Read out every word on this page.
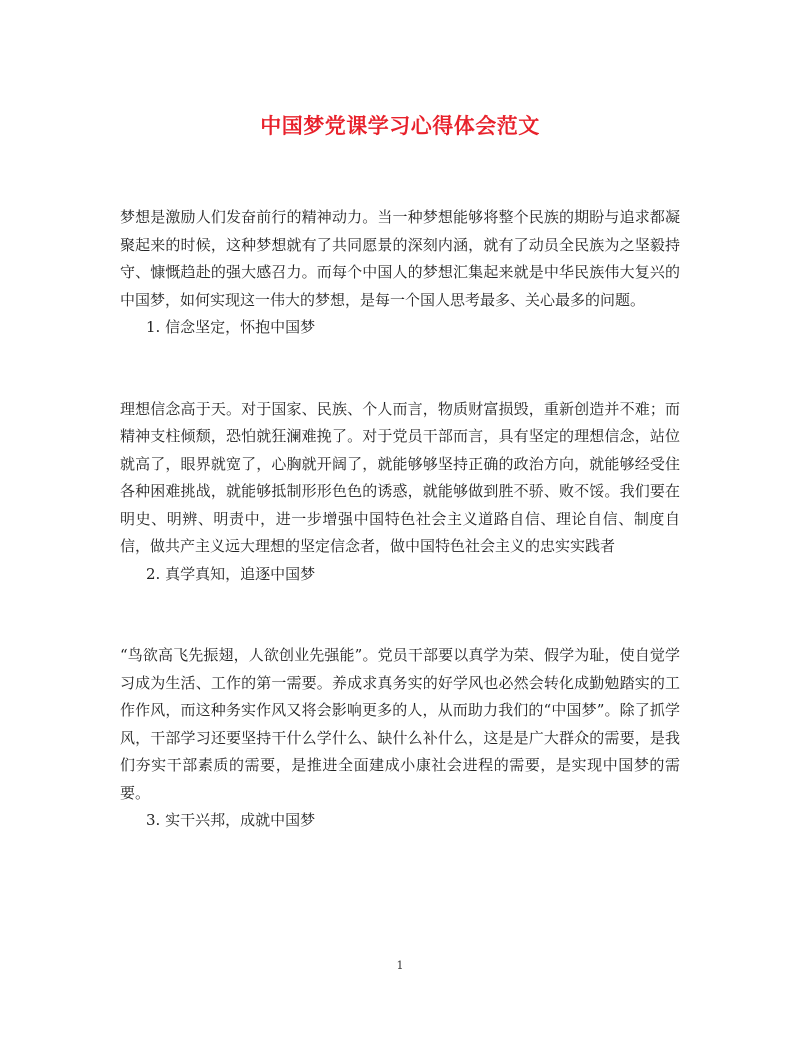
中国梦党课学习心得体会范文

梦想是激励人们发奋前行的精神动力。当一种梦想能够将整个民族的期盼与追求都凝聚起来的时候，这种梦想就有了共同愿景的深刻内涵，就有了动员全民族为之坚毅持守、慷慨趋赴的强大感召力。而每个中国人的梦想汇集起来就是中华民族伟大复兴的中国梦，如何实现这一伟大的梦想，是每一个国人思考最多、关心最多的问题。

1. 信念坚定，怀抱中国梦

理想信念高于天。对于国家、民族、个人而言，物质财富损毁，重新创造并不难；而精神支柱倾颓，恐怕就狂澜难挽了。对于党员干部而言，具有坚定的理想信念，站位就高了，眼界就宽了，心胸就开阔了，就能够够坚持正确的政治方向，就能够经受住各种困难挑战，就能够抵制形形色色的诱惑，就能够做到胜不骄、败不馁。我们要在明史、明辨、明责中，进一步增强中国特色社会主义道路自信、理论自信、制度自信，做共产主义远大理想的坚定信念者，做中国特色社会主义的忠实实践者

2. 真学真知，追逐中国梦

“鸟欲高飞先振翅，人欲创业先强能”。党员干部要以真学为荣、假学为耻，使自觉学习成为生活、工作的第一需要。养成求真务实的好学风也必然会转化成勤勉踏实的工作作风，而这种务实作风又将会影响更多的人，从而助力我们的“中国梦”。除了抓学风，干部学习还要坚持干什么学什么、缺什么补什么，这是是广大群众的需要，是我们夯实干部素质的需要，是推进全面建成小康社会进程的需要，是实现中国梦的需要。

3. 实干兴邦，成就中国梦

1
